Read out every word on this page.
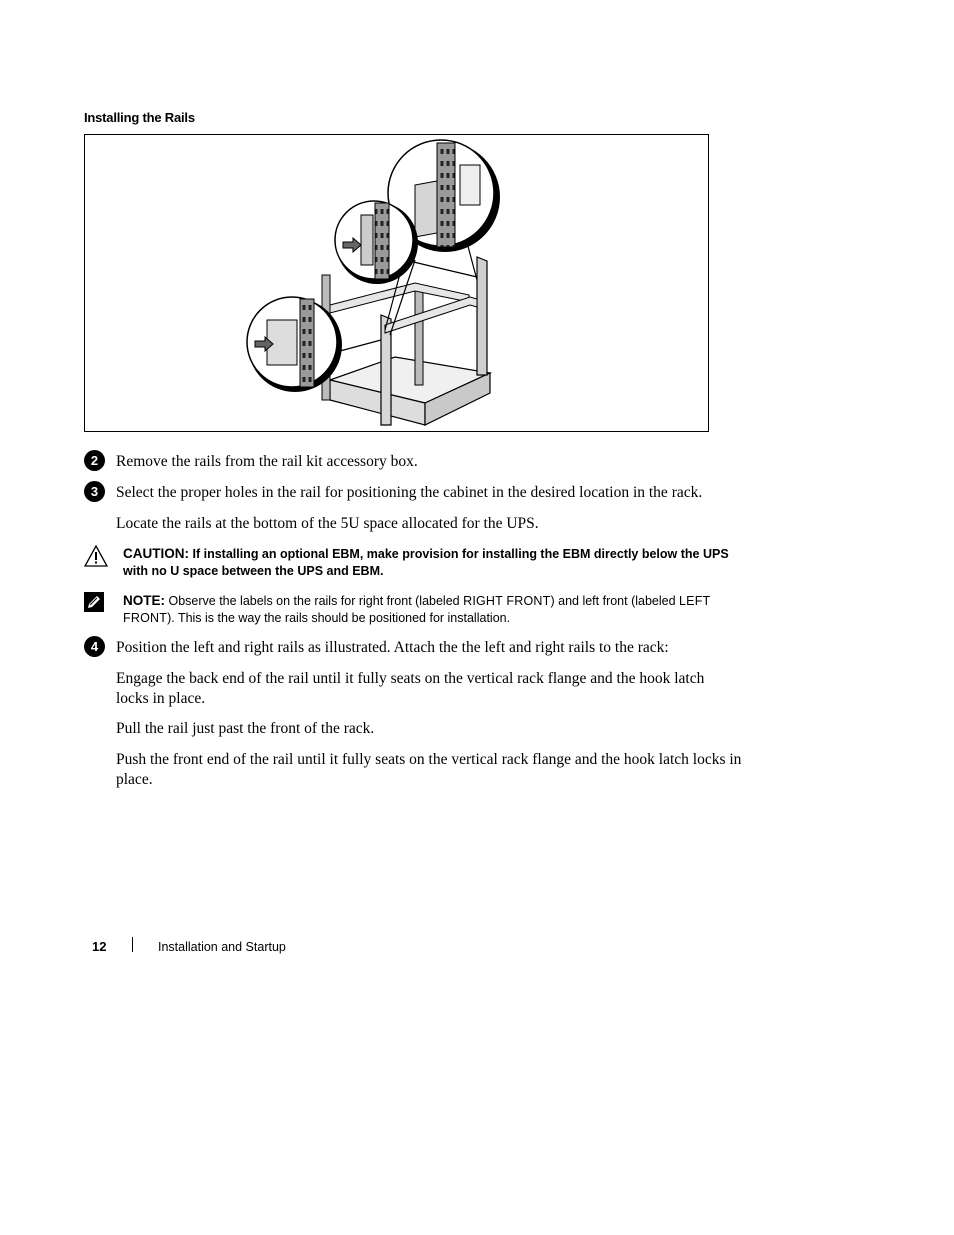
Installing the Rails
2	Remove the rails from the rail kit accessory box.
3	Select the proper holes in the rail for positioning the cabinet in the desired location in the rack.
Locate the rails at the bottom of the 5U space allocated for the UPS.
CAUTION: If installing an optional EBM, make provision for installing the EBM directly below the UPS with no U space between the UPS and EBM.
NOTE: Observe the labels on the rails for right front (labeled RIGHT FRONT) and left front (labeled LEFT FRONT). This is the way the rails should be positioned for installation.
4	Position the left and right rails as illustrated. Attach the the left and right rails to the rack:
Engage the back end of the rail until it fully seats on the vertical rack flange and the hook latch locks in place.
Pull the rail just past the front of the rack.
Push the front end of the rail until it fully seats on the vertical rack flange and the hook latch locks in place.
12	Installation and Startup
